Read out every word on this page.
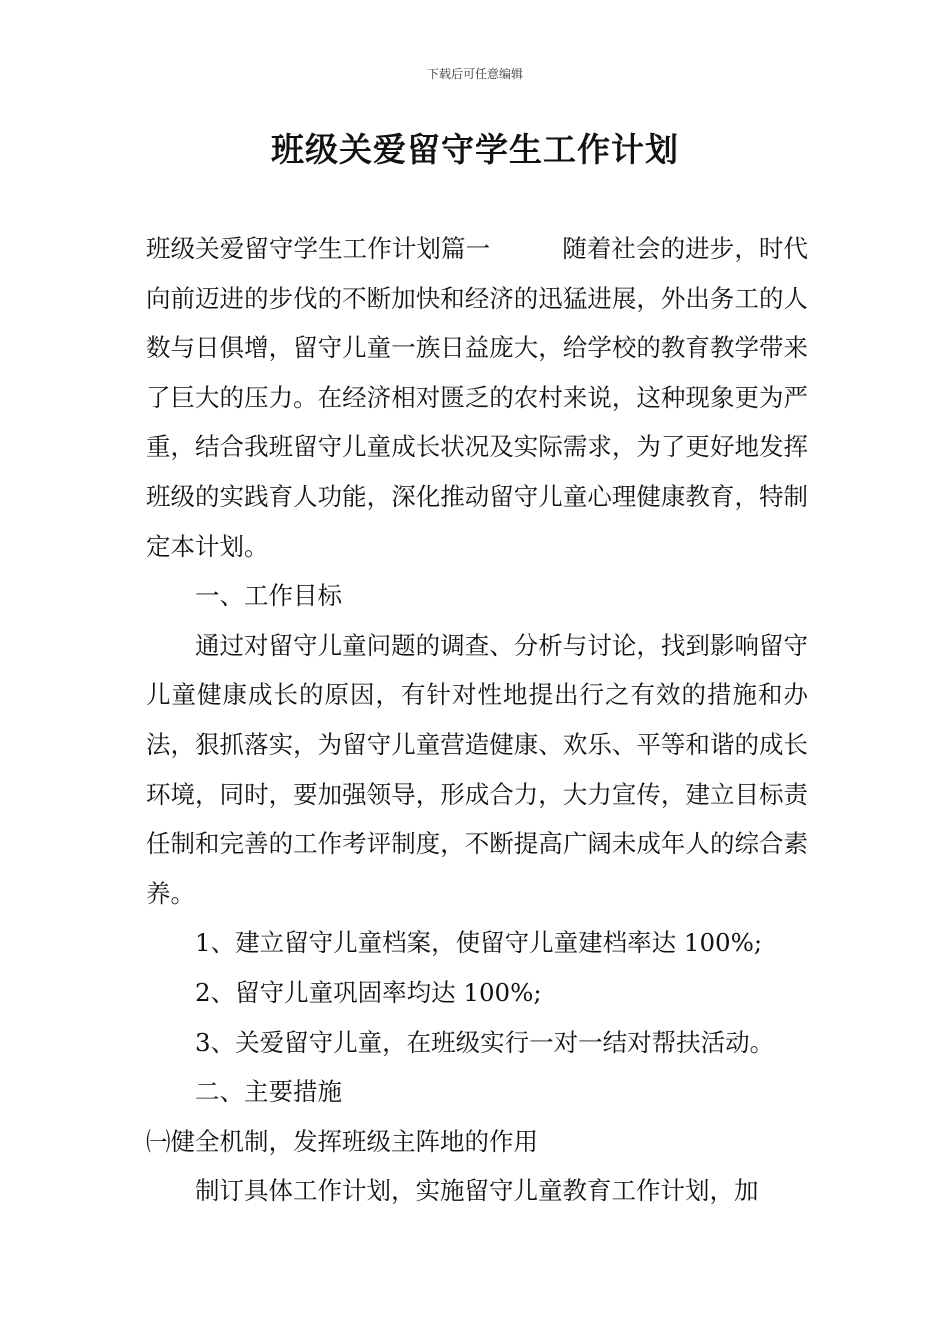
下载后可任意编辑
班级关爱留守学生工作计划

班级关爱留守学生工作计划篇一	随着社会的进步，时代向前迈进的步伐的不断加快和经济的迅猛进展，外出务工的人数与日俱增，留守儿童一族日益庞大，给学校的教育教学带来了巨大的压力。在经济相对匮乏的农村来说，这种现象更为严重，结合我班留守儿童成长状况及实际需求，为了更好地发挥班级的实践育人功能，深化推动留守儿童心理健康教育，特制定本计划。

一、工作目标

通过对留守儿童问题的调查、分析与讨论，找到影响留守儿童健康成长的原因，有针对性地提出行之有效的措施和办法，狠抓落实，为留守儿童营造健康、欢乐、平等和谐的成长环境，同时，要加强领导，形成合力，大力宣传，建立目标责任制和完善的工作考评制度，不断提高广阔未成年人的综合素养。

1、建立留守儿童档案，使留守儿童建档率达 100%;

2、留守儿童巩固率均达 100%;

3、关爱留守儿童，在班级实行一对一结对帮扶活动。

二、主要措施

㈠健全机制，发挥班级主阵地的作用

制订具体工作计划，实施留守儿童教育工作计划，加
